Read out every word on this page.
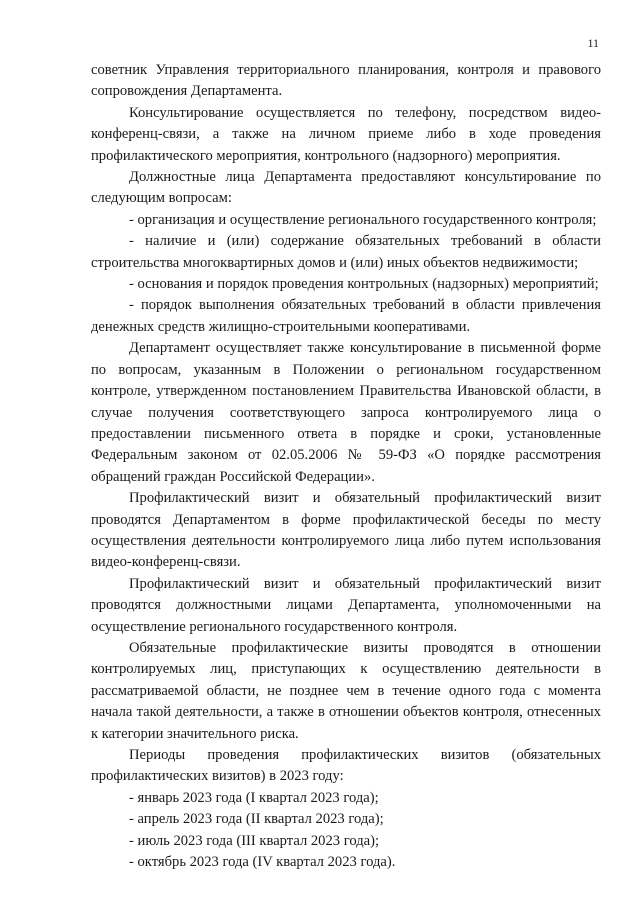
11

советник Управления территориального планирования, контроля и правового сопровождения Департамента.

Консультирование осуществляется по телефону, посредством видео-конференц-связи, а также на личном приеме либо в ходе проведения профилактического мероприятия, контрольного (надзорного) мероприятия.

Должностные лица Департамента предоставляют консультирование по следующим вопросам:

- организация и осуществление регионального государственного контроля;

- наличие и (или) содержание обязательных требований в области строительства многоквартирных домов и (или) иных объектов недвижимости;

- основания и порядок проведения контрольных (надзорных) мероприятий;

- порядок выполнения обязательных требований в области привлечения денежных средств жилищно-строительными кооперативами.

Департамент осуществляет также консультирование в письменной форме по вопросам, указанным в Положении о региональном государственном контроле, утвержденном постановлением Правительства Ивановской области, в случае получения соответствующего запроса контролируемого лица о предоставлении письменного ответа в порядке и сроки, установленные Федеральным законом от 02.05.2006 № 59-ФЗ «О порядке рассмотрения обращений граждан Российской Федерации».

Профилактический визит и обязательный профилактический визит проводятся Департаментом в форме профилактической беседы по месту осуществления деятельности контролируемого лица либо путем использования видео-конференц-связи.

Профилактический визит и обязательный профилактический визит проводятся должностными лицами Департамента, уполномоченными на осуществление регионального государственного контроля.

Обязательные профилактические визиты проводятся в отношении контролируемых лиц, приступающих к осуществлению деятельности в рассматриваемой области, не позднее чем в течение одного года с момента начала такой деятельности, а также в отношении объектов контроля, отнесенных к категории значительного риска.

Периоды проведения профилактических визитов (обязательных профилактических визитов) в 2023 году:

- январь 2023 года (I квартал 2023 года);

- апрель 2023 года (II квартал 2023 года);

- июль 2023 года (III квартал 2023 года);

- октябрь 2023 года (IV квартал 2023 года).
